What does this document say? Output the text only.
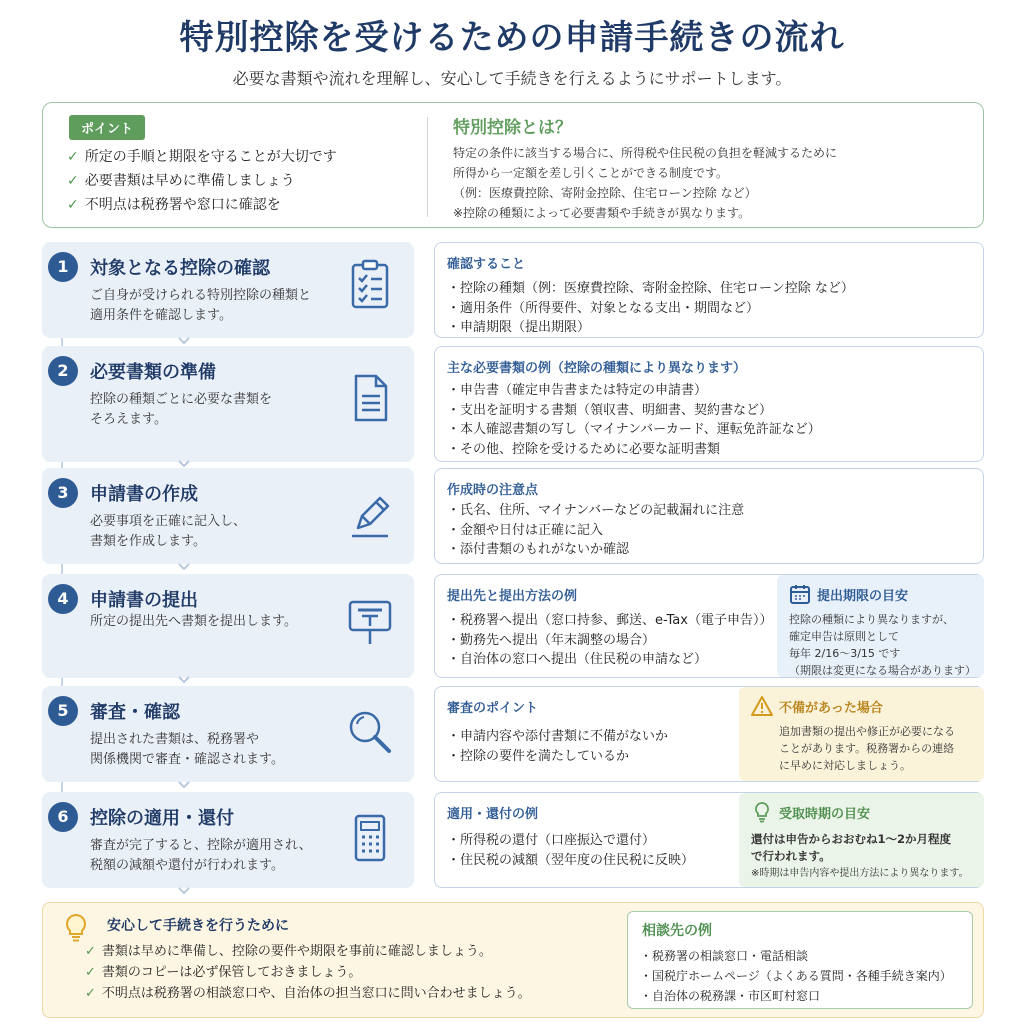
特別控除を受けるための申請手続きの流れ
必要な書類や流れを理解し、安心して手続きを行えるようにサポートします。
ポイント
✓ 所定の手順と期限を守ることが大切です
✓ 必要書類は早めに準備しましょう
✓ 不明点は税務署や窓口に確認を
特別控除とは？
特定の条件に該当する場合に、所得税や住民税の負担を軽減するために
所得から一定額を差し引くことができる制度です。
（例：医療費控除、寄附金控除、住宅ローン控除 など）
※控除の種類によって必要書類や手続きが異なります。
1	対象となる控除の確認
ご自身が受けられる特別控除の種類と
適用条件を確認します。
確認すること
・控除の種類（例：医療費控除、寄附金控除、住宅ローン控除 など）
・適用条件（所得要件、対象となる支出・期間など）
・申請期限（提出期限）
2	必要書類の準備
控除の種類ごとに必要な書類を
そろえます。
主な必要書類の例（控除の種類により異なります）
・申告書（確定申告書または特定の申請書）
・支出を証明する書類（領収書、明細書、契約書など）
・本人確認書類の写し（マイナンバーカード、運転免許証など）
・その他、控除を受けるために必要な証明書類
3	申請書の作成
必要事項を正確に記入し、
書類を作成します。
作成時の注意点
・氏名、住所、マイナンバーなどの記載漏れに注意
・金額や日付は正確に記入
・添付書類のもれがないか確認
4	申請書の提出
所定の提出先へ書類を提出します。
提出先と提出方法の例
・税務署へ提出（窓口持参、郵送、e-Tax（電子申告））
・勤務先へ提出（年末調整の場合）
・自治体の窓口へ提出（住民税の申請など）
提出期限の目安
控除の種類により異なりますが、
確定申告は原則として
毎年 2/16〜3/15 です
（期限は変更になる場合があります）
5	審査・確認
提出された書類は、税務署や
関係機関で審査・確認されます。
審査のポイント
・申請内容や添付書類に不備がないか
・控除の要件を満たしているか
不備があった場合
追加書類の提出や修正が必要になる
ことがあります。税務署からの連絡
に早めに対応しましょう。
6	控除の適用・還付
審査が完了すると、控除が適用され、
税額の減額や還付が行われます。
適用・還付の例
・所得税の還付（口座振込で還付）
・住民税の減額（翌年度の住民税に反映）
受取時期の目安
還付は申告からおおむね1〜2か月程度
で行われます。
※時期は申告内容や提出方法により異なります。
安心して手続きを行うために
✓ 書類は早めに準備し、控除の要件や期限を事前に確認しましょう。
✓ 書類のコピーは必ず保管しておきましょう。
✓ 不明点は税務署の相談窓口や、自治体の担当窓口に問い合わせましょう。
相談先の例
・税務署の相談窓口・電話相談
・国税庁ホームページ（よくある質問・各種手続き案内）
・自治体の税務課・市区町村窓口
